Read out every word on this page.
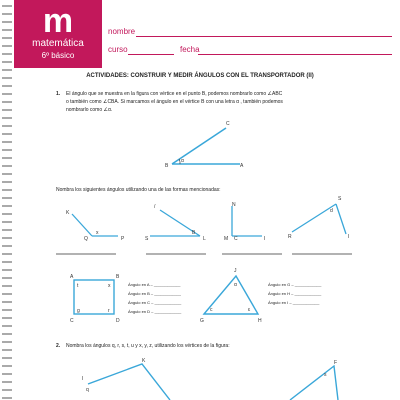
m
matemática
6º básico
nombre
curso	fecha
ACTIVIDADES: CONSTRUIR Y MEDIR ÁNGULOS CON EL TRANSPORTADOR (II)
1. El ángulo que se muestra en la figura con vértice en el punto B, podemos nombrarlo como ∠ABC
o también como ∠CBA. Si marcamos el ángulo en el vértice B con una letra α , también podemos
nombrarlo como ∠α.
B	A
C
α
Nombra los siguientes ángulos utilizando una de las formas mencionadas:
K
Q	P
x
/
S
B
L
N
M C	I
S
R
d
I
A	B
C	D
t	x
g	r
J
G	H
α
c	ε
Ángulo en A – ____________
Ángulo en B – ____________
Ángulo en C – ____________
Ángulo en D – ____________
Ángulo en G – ____________
Ángulo en H – ____________
Ángulo en I – ____________
2. Nombra los ángulos q, r, s, t, u y x, y, z, utilizando los vértices de la figura:
K
I
q
F
s
